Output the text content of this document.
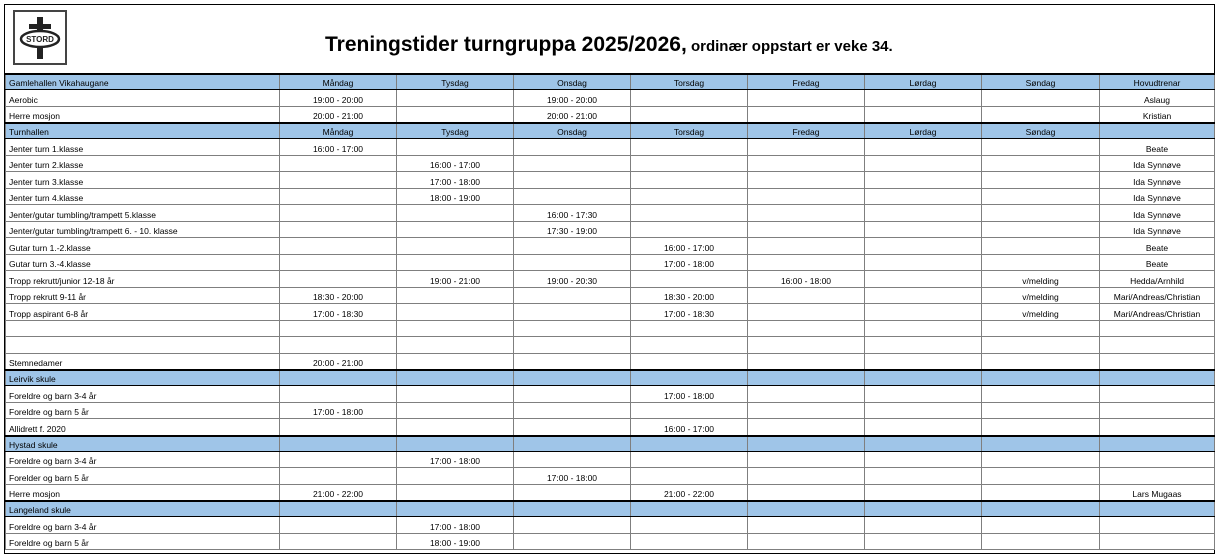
STORD	Treningstider turngruppa 2025/2026, ordinær oppstart er veke 34.
Gamlehallen Vikahaugane	Måndag	Tysdag	Onsdag	Torsdag	Fredag	Lørdag	Søndag	Hovudtrenar
Aerobic	19:00 - 20:00		19:00 - 20:00					Aslaug
Herre mosjon	20:00 - 21:00		20:00 - 21:00					Kristian
Turnhallen	Måndag	Tysdag	Onsdag	Torsdag	Fredag	Lørdag	Søndag	
Jenter turn 1.klasse	16:00 - 17:00							Beate
Jenter turn 2.klasse		16:00 - 17:00						Ida Synnøve
Jenter turn 3.klasse		17:00 - 18:00						Ida Synnøve
Jenter turn 4.klasse		18:00 - 19:00						Ida Synnøve
Jenter/gutar tumbling/trampett 5.klasse			16:00 - 17:30					Ida Synnøve
Jenter/gutar tumbling/trampett 6. - 10. klasse			17:30 - 19:00					Ida Synnøve
Gutar turn 1.-2.klasse				16:00 - 17:00				Beate
Gutar turn 3.-4.klasse				17:00 - 18:00				Beate
Tropp rekrutt/junior 12-18 år		19:00 - 21:00	19:00 - 20:30		16:00 - 18:00		v/melding	Hedda/Arnhild
Tropp rekrutt 9-11 år	18:30 - 20:00			18:30 - 20:00			v/melding	Mari/Andreas/Christian
Tropp aspirant 6-8 år	17:00 - 18:30			17:00 - 18:30			v/melding	Mari/Andreas/Christian

Stemnedamer	20:00 - 21:00							
Leirvik skule								
Foreldre og barn 3-4 år				17:00 - 18:00				
Foreldre og barn 5 år	17:00 - 18:00							
Allidrett f. 2020				16:00 - 17:00				
Hystad skule								
Foreldre og barn 3-4 år		17:00 - 18:00						
Forelder og barn 5 år			17:00 - 18:00					
Herre mosjon	21:00 - 22:00			21:00 - 22:00				Lars Mugaas
Langeland skule								
Foreldre og barn 3-4 år		17:00 - 18:00						
Foreldre og barn 5 år		18:00 - 19:00						
